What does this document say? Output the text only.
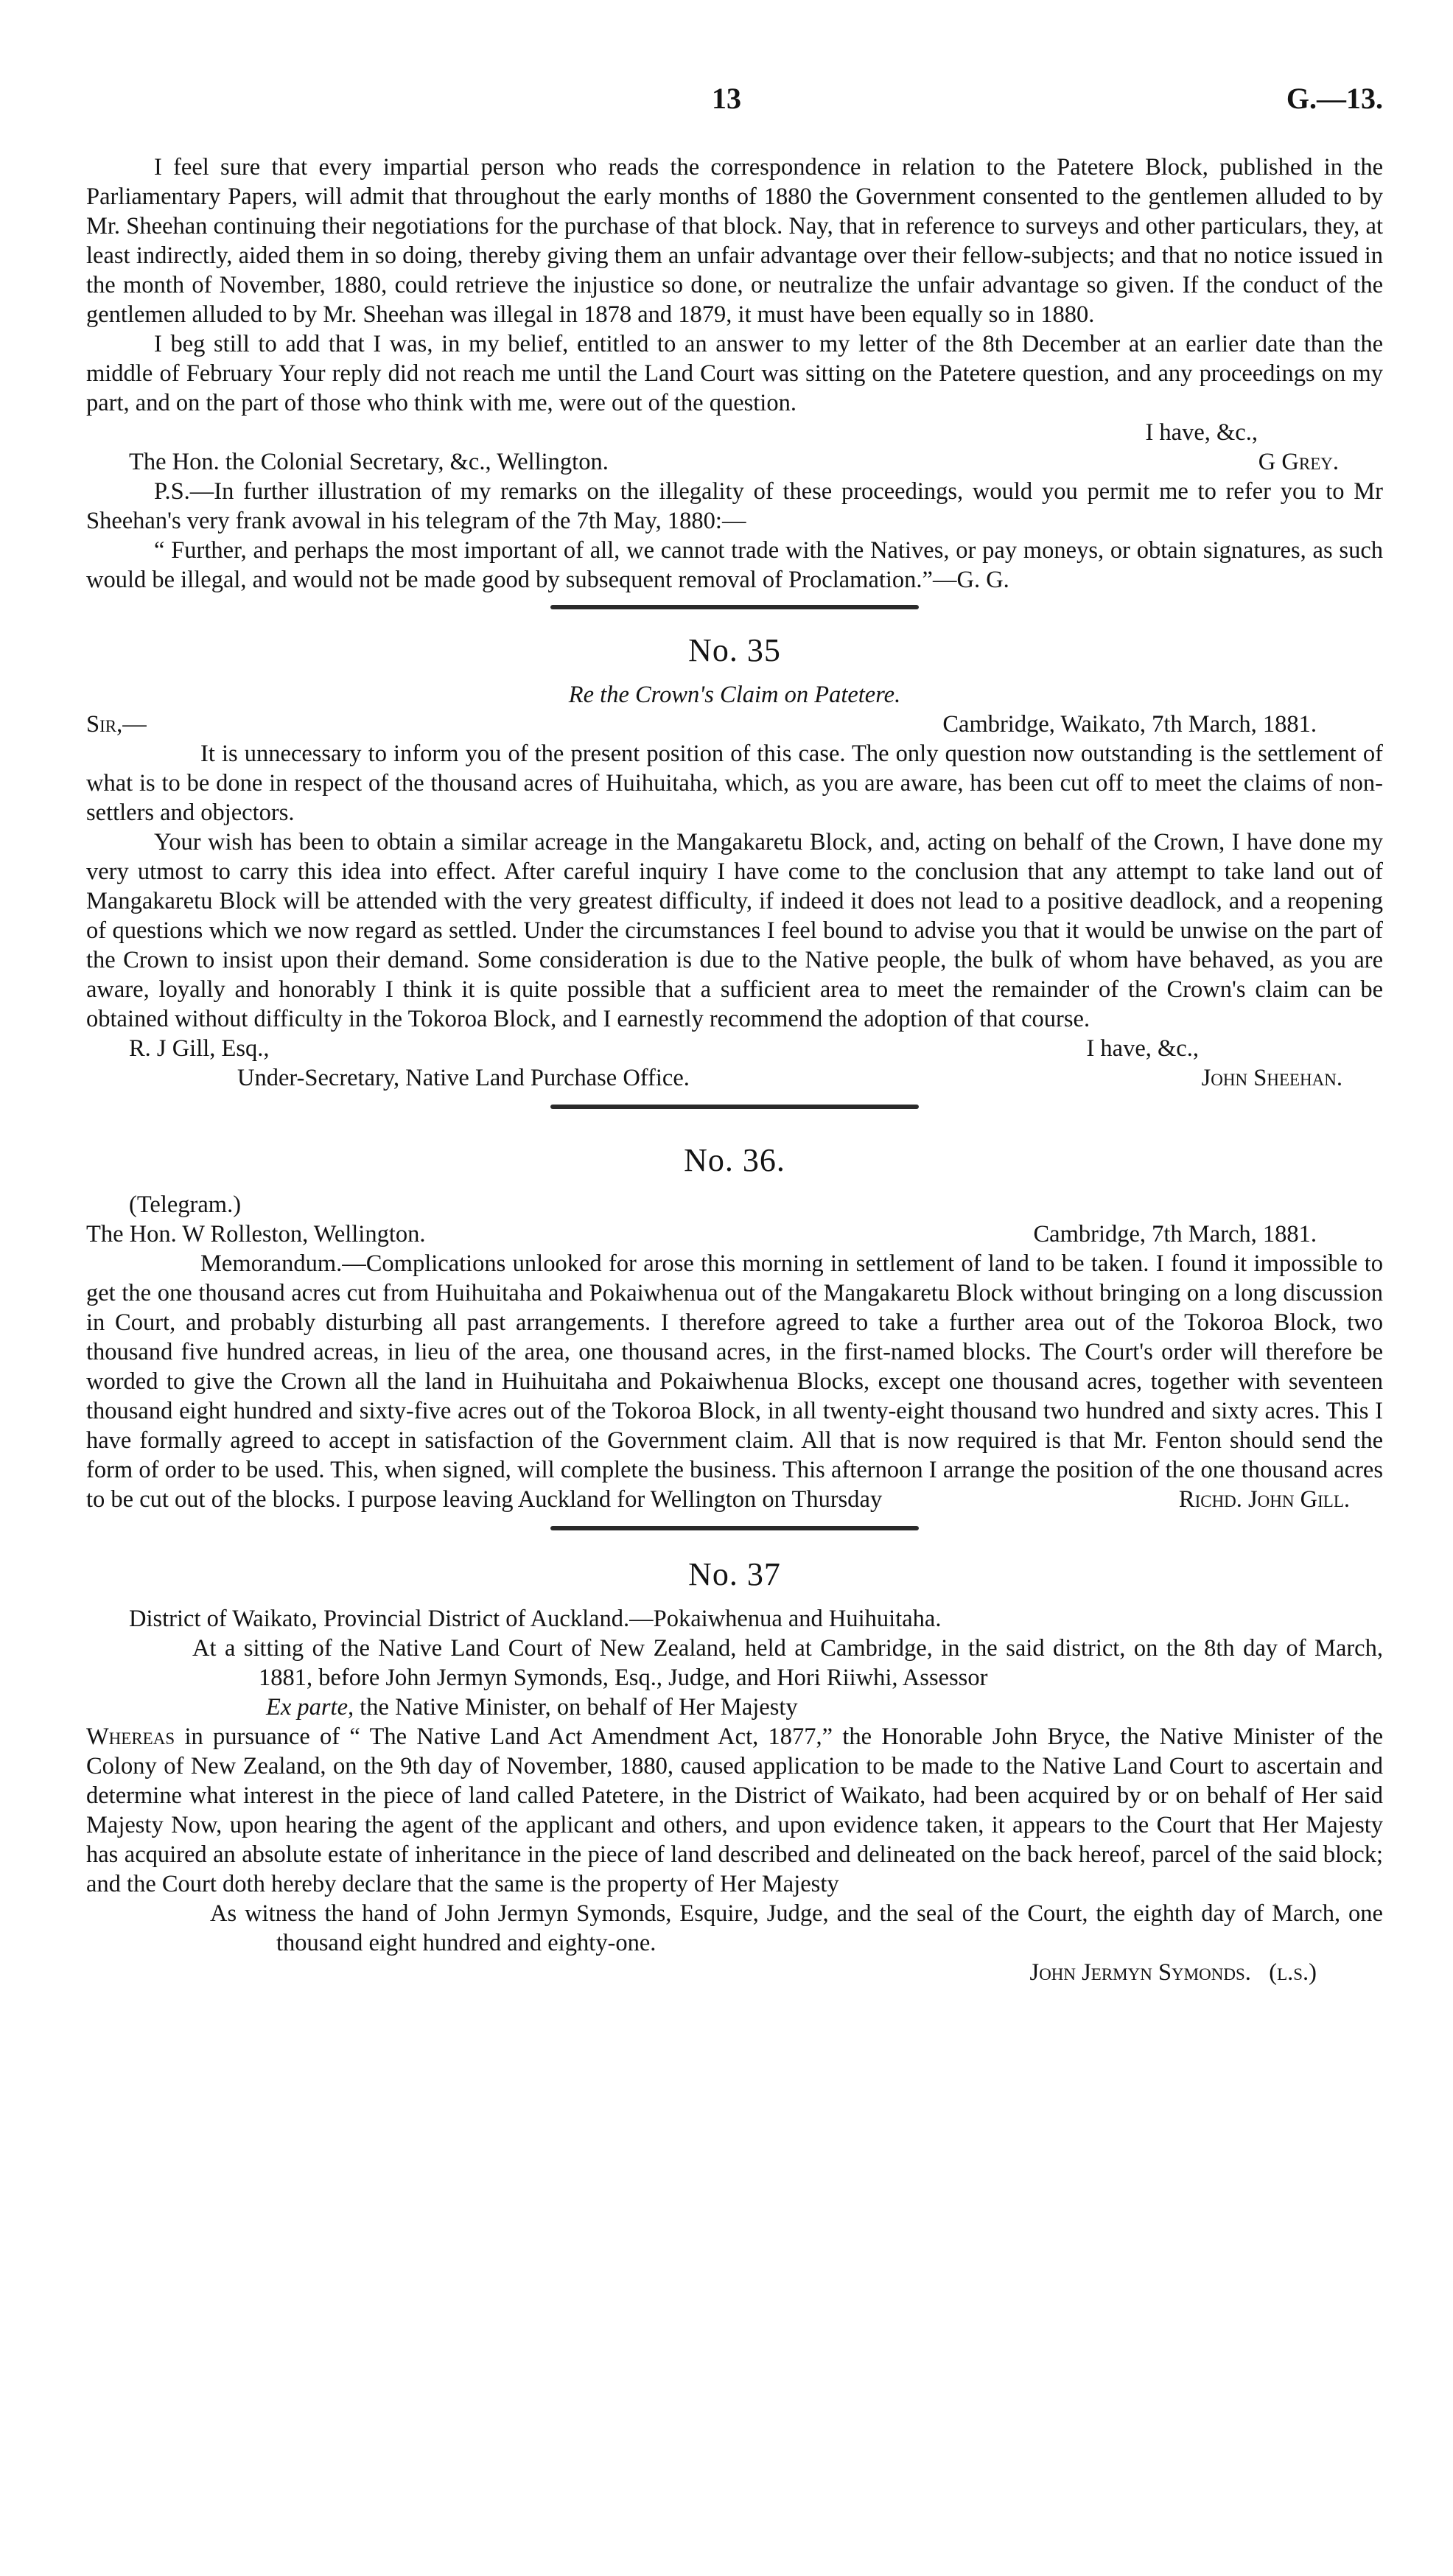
13	G.—13.

I feel sure that every impartial person who reads the correspondence in relation to the Patetere Block, published in the Parliamentary Papers, will admit that throughout the early months of 1880 the Government consented to the gentlemen alluded to by Mr. Sheehan continuing their negotiations for the purchase of that block. Nay, that in reference to surveys and other particulars, they, at least indirectly, aided them in so doing, thereby giving them an unfair advantage over their fellow-subjects; and that no notice issued in the month of November, 1880, could retrieve the injustice so done, or neutralize the unfair advantage so given. If the conduct of the gentlemen alluded to by Mr. Sheehan was illegal in 1878 and 1879, it must have been equally so in 1880.

I beg still to add that I was, in my belief, entitled to an answer to my letter of the 8th December at an earlier date than the middle of February Your reply did not reach me until the Land Court was sitting on the Patetere question, and any proceedings on my part, and on the part of those who think with me, were out of the question.

I have, &c.,
The Hon. the Colonial Secretary, &c., Wellington.	G Grey.

P.S.—In further illustration of my remarks on the illegality of these proceedings, would you permit me to refer you to Mr Sheehan's very frank avowal in his telegram of the 7th May, 1880:—

“ Further, and perhaps the most important of all, we cannot trade with the Natives, or pay moneys, or obtain signatures, as such would be illegal, and would not be made good by subsequent removal of Proclamation.”—G. G.

No. 35

Re the Crown's Claim on Patetere.

Sir,—	Cambridge, Waikato, 7th March, 1881.

It is unnecessary to inform you of the present position of this case. The only question now outstanding is the settlement of what is to be done in respect of the thousand acres of Huihuitaha, which, as you are aware, has been cut off to meet the claims of non-settlers and objectors.

Your wish has been to obtain a similar acreage in the Mangakaretu Block, and, acting on behalf of the Crown, I have done my very utmost to carry this idea into effect. After careful inquiry I have come to the conclusion that any attempt to take land out of Mangakaretu Block will be attended with the very greatest difficulty, if indeed it does not lead to a positive deadlock, and a reopening of questions which we now regard as settled. Under the circumstances I feel bound to advise you that it would be unwise on the part of the Crown to insist upon their demand. Some consideration is due to the Native people, the bulk of whom have behaved, as you are aware, loyally and honorably I think it is quite possible that a sufficient area to meet the remainder of the Crown's claim can be obtained without difficulty in the Tokoroa Block, and I earnestly recommend the adoption of that course.

R. J Gill, Esq.,	I have, &c.,
Under-Secretary, Native Land Purchase Office.	John Sheehan.
No. 36.
(Telegram.)
The Hon. W Rolleston, Wellington.	Cambridge, 7th March, 1881.

Memorandum.—Complications unlooked for arose this morning in settlement of land to be taken. I found it impossible to get the one thousand acres cut from Huihuitaha and Pokaiwhenua out of the Mangakaretu Block without bringing on a long discussion in Court, and probably disturbing all past arrangements. I therefore agreed to take a further area out of the Tokoroa Block, two thousand five hundred acreas, in lieu of the area, one thousand acres, in the first-named blocks. The Court's order will therefore be worded to give the Crown all the land in Huihuitaha and Pokaiwhenua Blocks, except one thousand acres, together with seventeen thousand eight hundred and sixty-five acres out of the Tokoroa Block, in all twenty-eight thousand two hundred and sixty acres. This I have formally agreed to accept in satisfaction of the Government claim. All that is now required is that Mr. Fenton should send the form of order to be used. This, when signed, will complete the business. This afternoon I arrange the position of the one thousand acres to be cut out of the blocks. I purpose leaving Auckland for Wellington on Thursday	Richd. John Gill.
No. 37
District of Waikato, Provincial District of Auckland.—Pokaiwhenua and Huihuitaha.

At a sitting of the Native Land Court of New Zealand, held at Cambridge, in the said district, on the 8th day of March, 1881, before John Jermyn Symonds, Esq., Judge, and Hori Riiwhi, Assessor

Ex parte, the Native Minister, on behalf of Her Majesty

Whereas in pursuance of “ The Native Land Act Amendment Act, 1877,” the Honorable John Bryce, the Native Minister of the Colony of New Zealand, on the 9th day of November, 1880, caused application to be made to the Native Land Court to ascertain and determine what interest in the piece of land called Patetere, in the District of Waikato, had been acquired by or on behalf of Her said Majesty Now, upon hearing the agent of the applicant and others, and upon evidence taken, it appears to the Court that Her Majesty has acquired an absolute estate of inheritance in the piece of land described and delineated on the back hereof, parcel of the said block; and the Court doth hereby declare that the same is the property of Her Majesty

As witness the hand of John Jermyn Symonds, Esquire, Judge, and the seal of the Court, the eighth day of March, one thousand eight hundred and eighty-one.

John Jermyn Symonds. (l.s.)
